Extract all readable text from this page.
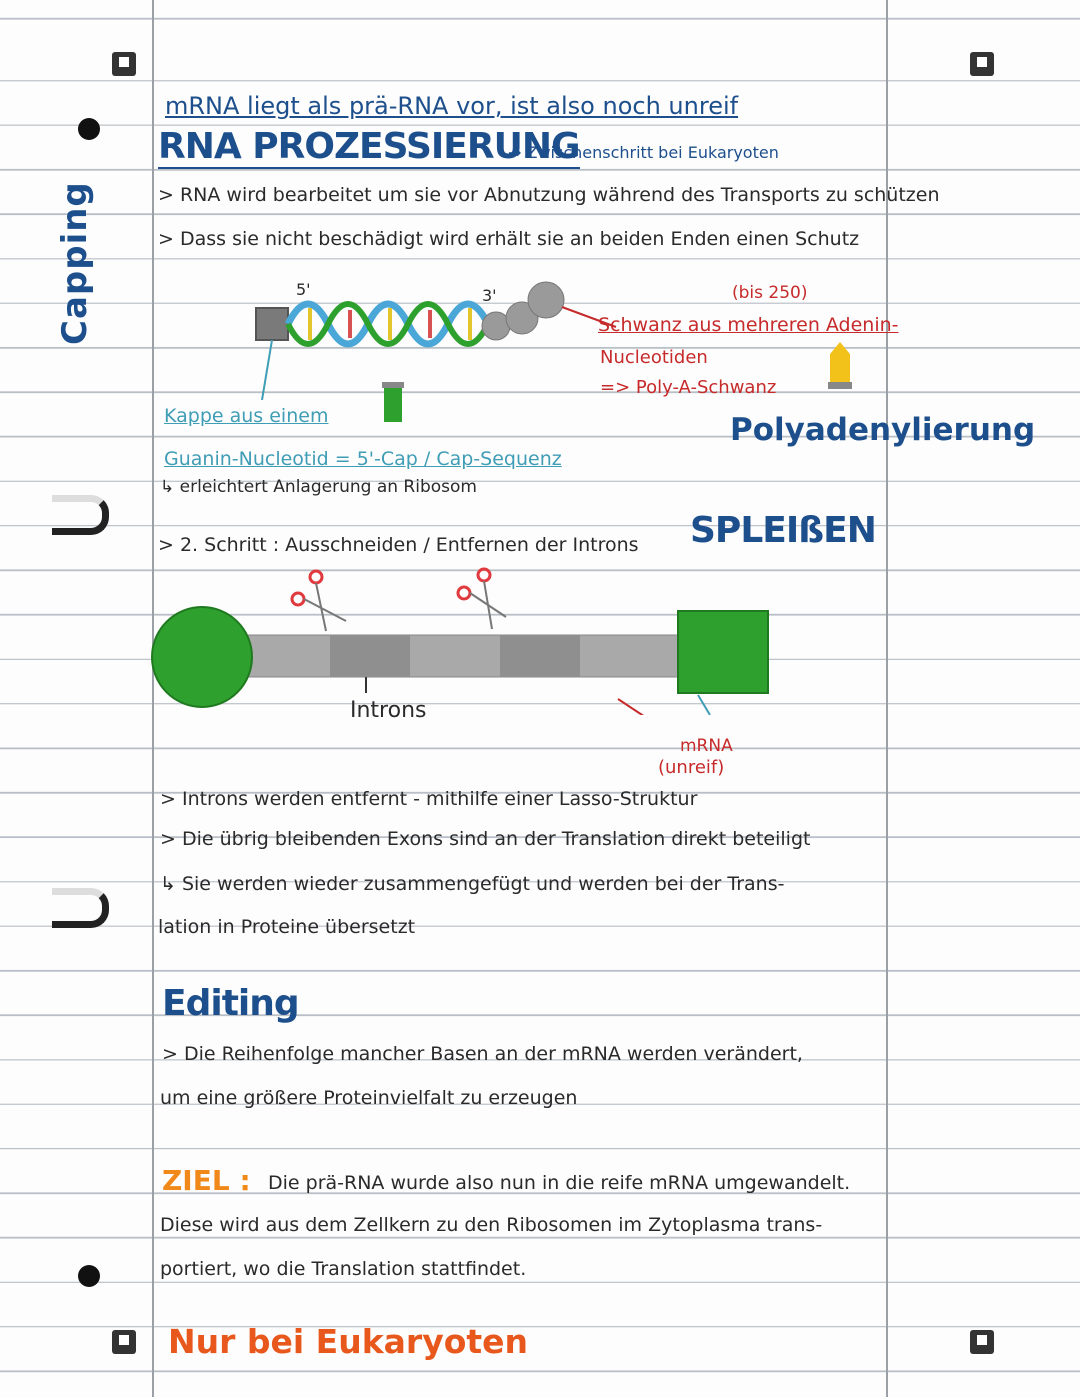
Capping
mRNA liegt als prä-RNA vor, ist also noch unreif
RNA PROZESSIERUNG
→ Zwischenschritt bei Eukaryoten
> RNA wird bearbeitet um sie vor Abnutzung während des Transports zu schützen
> Dass sie nicht beschädigt wird erhält sie an beiden Enden einen Schutz
5'	3'	(bis 250)
Schwanz aus mehreren Adenin-
Nucleotiden
=> Poly-A-Schwanz
Polyadenylierung
Kappe aus einem
Guanin-Nucleotid = 5'-Cap / Cap-Sequenz
↳ erleichtert Anlagerung an Ribosom
> 2. Schritt : Ausschneiden / Entfernen der Introns SPLEIßEN
Introns
mRNA
(unreif)
> Introns werden entfernt - mithilfe einer Lasso-Struktur
> Die übrig bleibenden Exons sind an der Translation direkt beteiligt
↳ Sie werden wieder zusammengefügt und werden bei der Trans-
lation in Proteine übersetzt
Editing
> Die Reihenfolge mancher Basen an der mRNA werden verändert,
um eine größere Proteinvielfalt zu erzeugen
ZIEL : Die prä-RNA wurde also nun in die reife mRNA umgewandelt.
Diese wird aus dem Zellkern zu den Ribosomen im Zytoplasma trans-
portiert, wo die Translation stattfindet.
Nur bei Eukaryoten
